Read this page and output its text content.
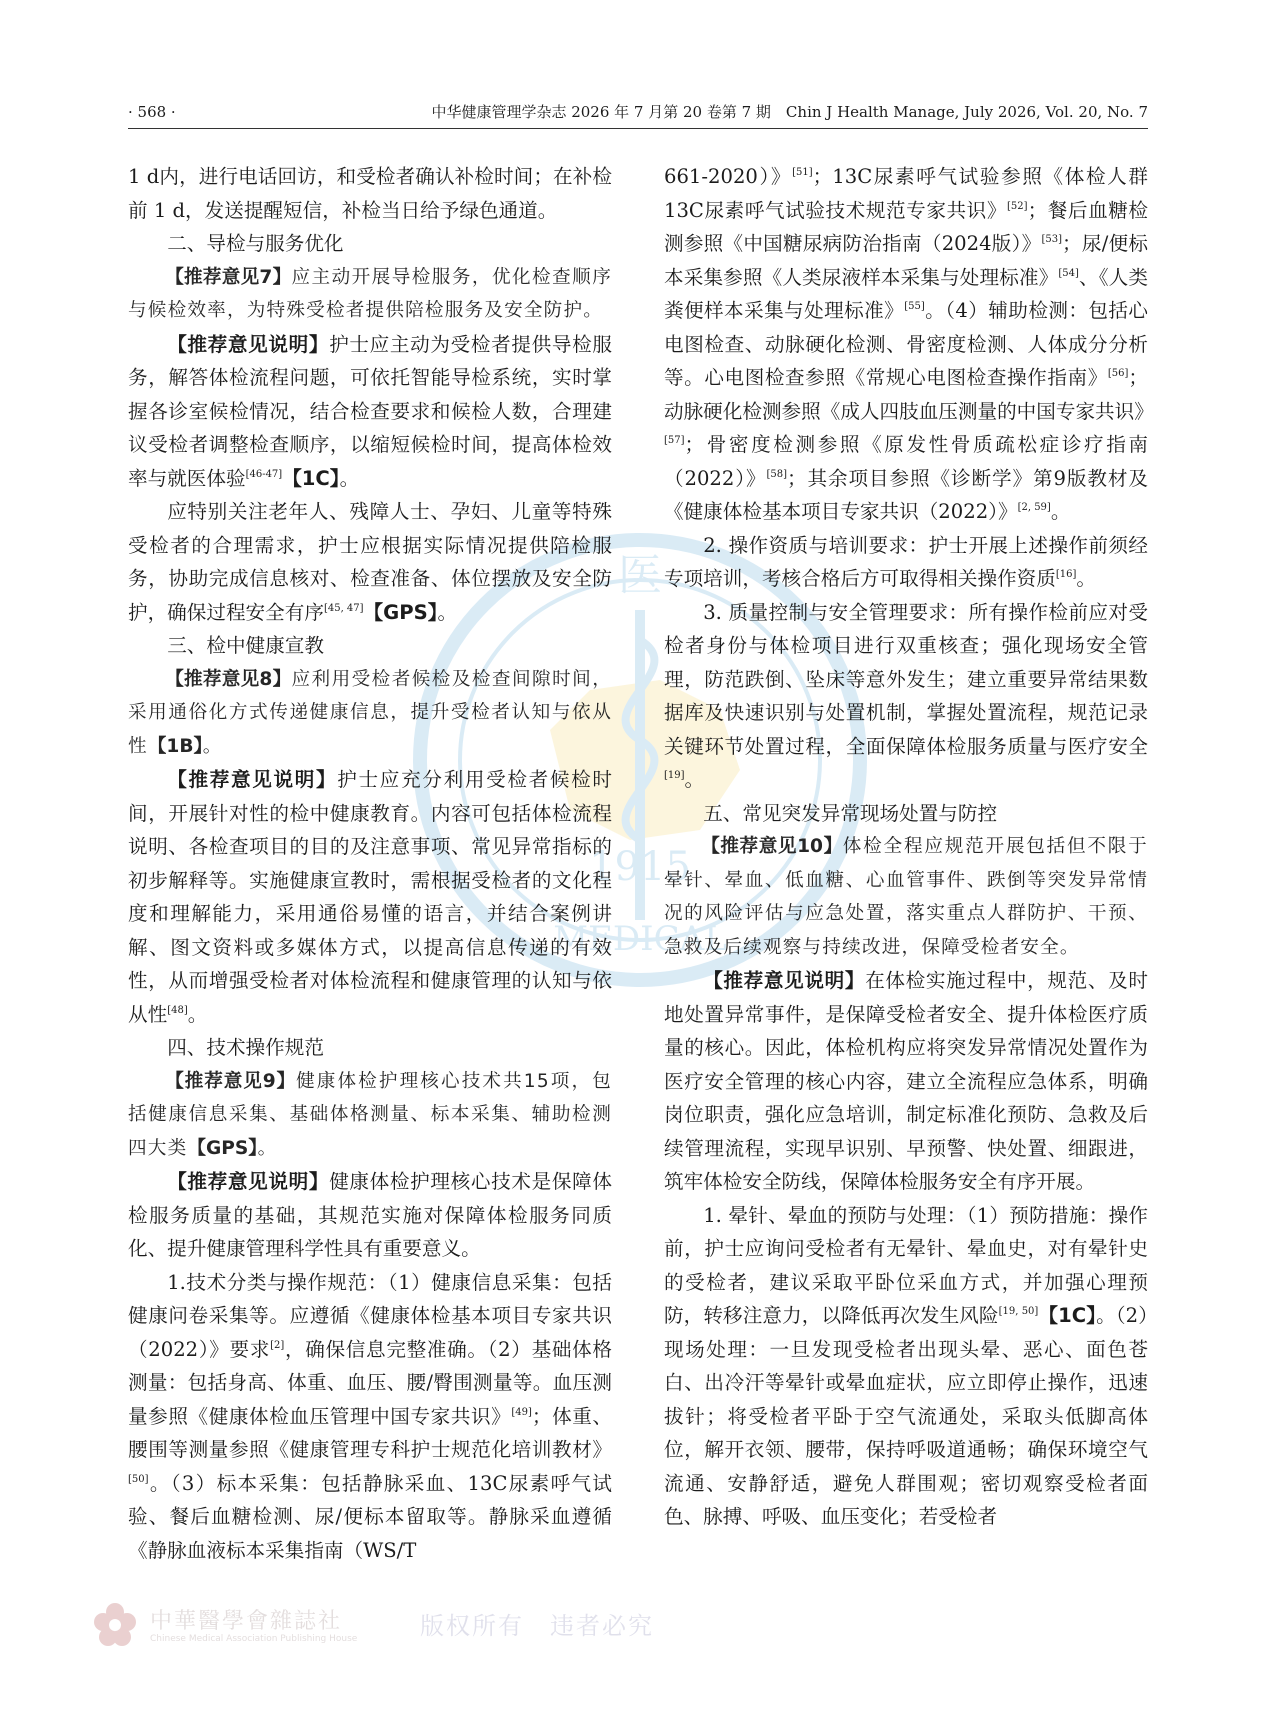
医
1915
MEDICAL
· 568 ·	中华健康管理学杂志 2026 年 7 月第 20 卷第 7 期　Chin J Health Manage, July 2026, Vol. 20, No. 7

1 d内，进行电话回访，和受检者确认补检时间；在补检前 1 d，发送提醒短信，补检当日给予绿色通道。

二、导检与服务优化

【推荐意见7】应主动开展导检服务，优化检查顺序与候检效率，为特殊受检者提供陪检服务及安全防护。

【推荐意见说明】护士应主动为受检者提供导检服务，解答体检流程问题，可依托智能导检系统，实时掌握各诊室候检情况，结合检查要求和候检人数，合理建议受检者调整检查顺序，以缩短候检时间，提高体检效率与就医体验[46-47]【1C】。

应特别关注老年人、残障人士、孕妇、儿童等特殊受检者的合理需求，护士应根据实际情况提供陪检服务，协助完成信息核对、检查准备、体位摆放及安全防护，确保过程安全有序[45, 47]【GPS】。

三、检中健康宣教

【推荐意见8】应利用受检者候检及检查间隙时间，采用通俗化方式传递健康信息，提升受检者认知与依从性【1B】。

【推荐意见说明】护士应充分利用受检者候检时间，开展针对性的检中健康教育。内容可包括体检流程说明、各检查项目的目的及注意事项、常见异常指标的初步解释等。实施健康宣教时，需根据受检者的文化程度和理解能力，采用通俗易懂的语言，并结合案例讲解、图文资料或多媒体方式，以提高信息传递的有效性，从而增强受检者对体检流程和健康管理的认知与依从性[48]。

四、技术操作规范

【推荐意见9】健康体检护理核心技术共15项，包括健康信息采集、基础体格测量、标本采集、辅助检测四大类【GPS】。

【推荐意见说明】健康体检护理核心技术是保障体检服务质量的基础，其规范实施对保障体检服务同质化、提升健康管理科学性具有重要意义。

1.技术分类与操作规范：（1）健康信息采集：包括健康问卷采集等。应遵循《健康体检基本项目专家共识（2022）》要求[2]，确保信息完整准确。（2）基础体格测量：包括身高、体重、血压、腰/臀围测量等。血压测量参照《健康体检血压管理中国专家共识》[49]；体重、腰围等测量参照《健康管理专科护士规范化培训教材》[50]。（3）标本采集：包括静脉采血、13C尿素呼气试验、餐后血糖检测、尿/便标本留取等。静脉采血遵循《静脉血液标本采集指南（WS/T

661-2020）》[51]；13C尿素呼气试验参照《体检人群13C尿素呼气试验技术规范专家共识》[52]；餐后血糖检测参照《中国糖尿病防治指南（2024版）》[53]；尿/便标本采集参照《人类尿液样本采集与处理标准》[54]、《人类粪便样本采集与处理标准》[55]。（4）辅助检测：包括心电图检查、动脉硬化检测、骨密度检测、人体成分分析等。心电图检查参照《常规心电图检查操作指南》[56]；动脉硬化检测参照《成人四肢血压测量的中国专家共识》[57]；骨密度检测参照《原发性骨质疏松症诊疗指南（2022）》[58]；其余项目参照《诊断学》第9版教材及《健康体检基本项目专家共识（2022）》[2, 59]。

2. 操作资质与培训要求：护士开展上述操作前须经专项培训，考核合格后方可取得相关操作资质[16]。

3. 质量控制与安全管理要求：所有操作检前应对受检者身份与体检项目进行双重核查；强化现场安全管理，防范跌倒、坠床等意外发生；建立重要异常结果数据库及快速识别与处置机制，掌握处置流程，规范记录关键环节处置过程，全面保障体检服务质量与医疗安全[19]。

五、常见突发异常现场处置与防控

【推荐意见10】体检全程应规范开展包括但不限于晕针、晕血、低血糖、心血管事件、跌倒等突发异常情况的风险评估与应急处置，落实重点人群防护、干预、急救及后续观察与持续改进，保障受检者安全。

【推荐意见说明】在体检实施过程中，规范、及时地处置异常事件，是保障受检者安全、提升体检医疗质量的核心。因此，体检机构应将突发异常情况处置作为医疗安全管理的核心内容，建立全流程应急体系，明确岗位职责，强化应急培训，制定标准化预防、急救及后续管理流程，实现早识别、早预警、快处置、细跟进，筑牢体检安全防线，保障体检服务安全有序开展。

1. 晕针、晕血的预防与处理：（1）预防措施：操作前，护士应询问受检者有无晕针、晕血史，对有晕针史的受检者，建议采取平卧位采血方式，并加强心理预防，转移注意力，以降低再次发生风险[19, 50]【1C】。（2）现场处理：一旦发现受检者出现头晕、恶心、面色苍白、出冷汗等晕针或晕血症状，应立即停止操作，迅速拔针；将受检者平卧于空气流通处，采取头低脚高体位，解开衣领、腰带，保持呼吸道通畅；确保环境空气流通、安静舒适，避免人群围观；密切观察受检者面色、脉搏、呼吸、血压变化；若受检者

中華醫學會雜誌社
Chinese Medical Association Publishing House	版权所有　违者必究
